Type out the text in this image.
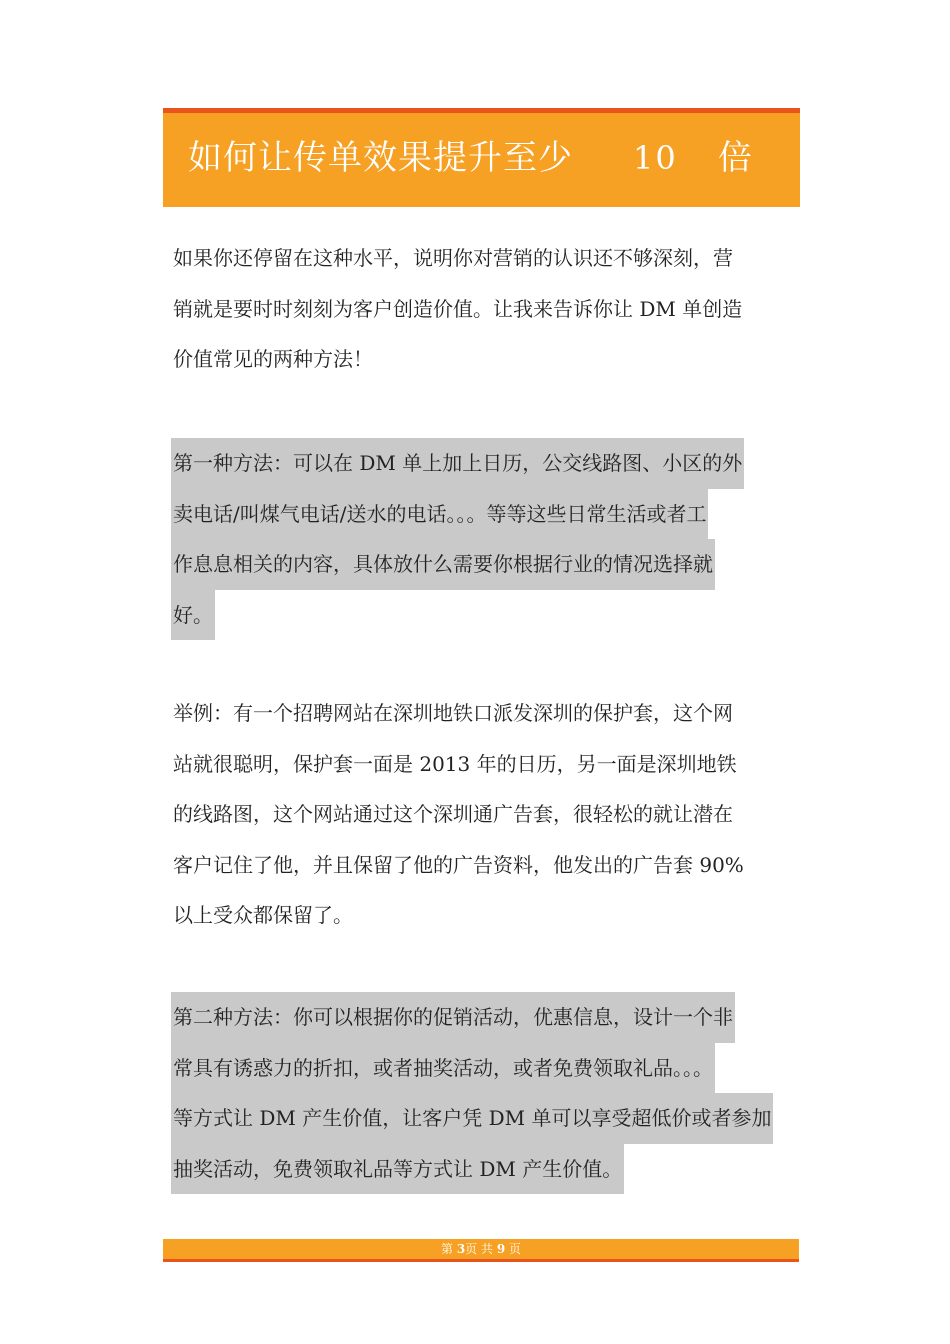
如何让传单效果提升至少 10 倍

如果你还停留在这种水平，说明你对营销的认识还不够深刻，营

销就是要时时刻刻为客户创造价值。让我来告诉你让 DM 单创造

价值常见的两种方法！

第一种方法：可以在 DM 单上加上日历，公交线路图、小区的外

卖电话/叫煤气电话/送水的电话。。。等等这些日常生活或者工

作息息相关的内容，具体放什么需要你根据行业的情况选择就

好。

举例：有一个招聘网站在深圳地铁口派发深圳的保护套，这个网

站就很聪明，保护套一面是 2013 年的日历，另一面是深圳地铁

的线路图，这个网站通过这个深圳通广告套，很轻松的就让潜在

客户记住了他，并且保留了他的广告资料，他发出的广告套 90%

以上受众都保留了。

第二种方法：你可以根据你的促销活动，优惠信息，设计一个非

常具有诱惑力的折扣，或者抽奖活动，或者免费领取礼品。。。

等方式让 DM 产生价值，让客户凭 DM 单可以享受超低价或者参加

抽奖活动，免费领取礼品等方式让 DM 产生价值。

第 3页 共 9 页
